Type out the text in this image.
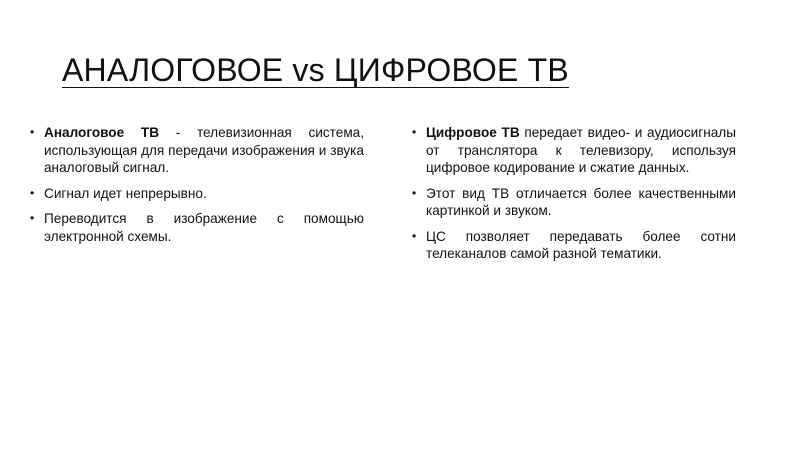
АНАЛОГОВОЕ vs ЦИФРОВОЕ ТВ
• Аналоговое ТВ - телевизионная система, использующая для передачи изображения и звука аналоговый сигнал.
• Сигнал идет непрерывно.
• Переводится в изображение с помощью электронной схемы.
• Цифровое ТВ передает видео- и аудиосигналы от транслятора к телевизору, используя цифровое кодирование и сжатие данных.
• Этот вид ТВ отличается более качественными картинкой и звуком.
• ЦС позволяет передавать более сотни телеканалов самой разной тематики.
